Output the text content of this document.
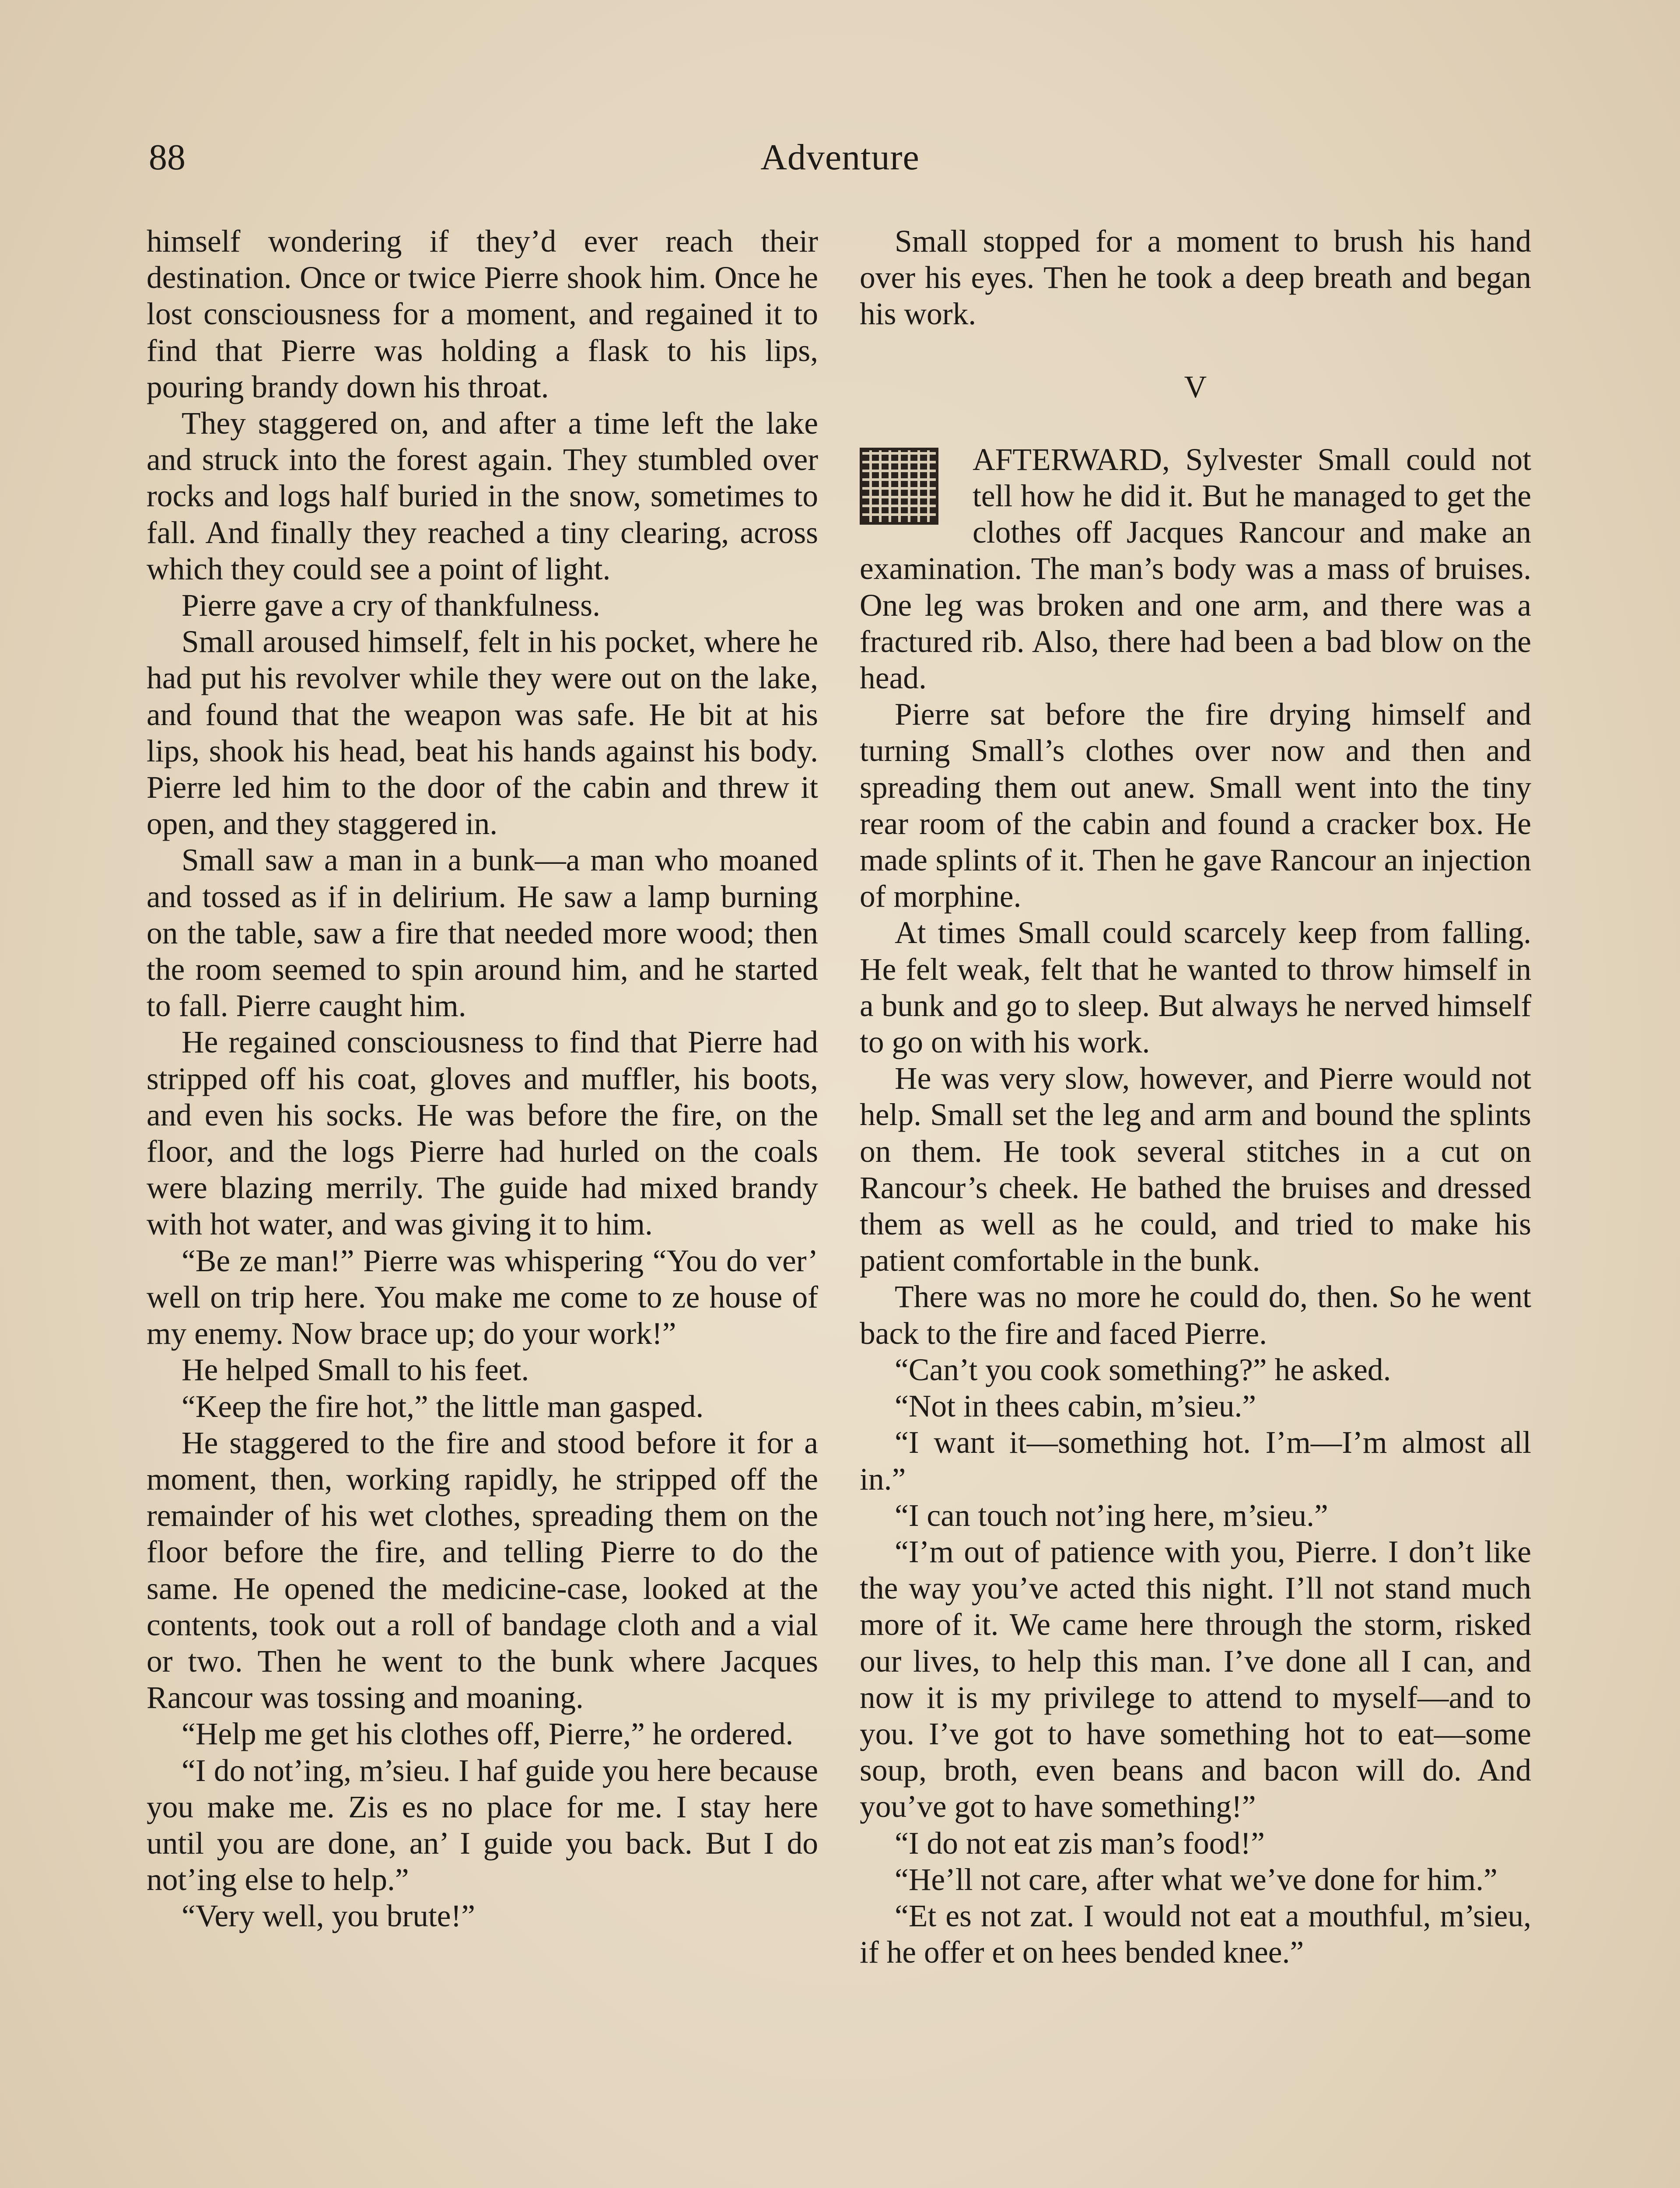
88	Adventure

himself wondering if they’d ever reach their destination. Once or twice Pierre shook him. Once he lost consciousness for a moment, and regained it to find that Pierre was holding a flask to his lips, pouring brandy down his throat.

They staggered on, and after a time left the lake and struck into the forest again. They stumbled over rocks and logs half buried in the snow, sometimes to fall. And finally they reached a tiny clearing, across which they could see a point of light.

Pierre gave a cry of thankfulness.

Small aroused himself, felt in his pocket, where he had put his revolver while they were out on the lake, and found that the weapon was safe. He bit at his lips, shook his head, beat his hands against his body. Pierre led him to the door of the cabin and threw it open, and they staggered in.

Small saw a man in a bunk—a man who moaned and tossed as if in delirium. He saw a lamp burning on the table, saw a fire that needed more wood; then the room seemed to spin around him, and he started to fall. Pierre caught him.

He regained consciousness to find that Pierre had stripped off his coat, gloves and muffler, his boots, and even his socks. He was before the fire, on the floor, and the logs Pierre had hurled on the coals were blazing merrily. The guide had mixed brandy with hot water, and was giving it to him.

“Be ze man!” Pierre was whispering “You do ver’ well on trip here. You make me come to ze house of my enemy. Now brace up; do your work!”

He helped Small to his feet.

“Keep the fire hot,” the little man gasped.

He staggered to the fire and stood before it for a moment, then, working rapidly, he stripped off the remainder of his wet clothes, spreading them on the floor before the fire, and telling Pierre to do the same. He opened the medicine-case, looked at the contents, took out a roll of bandage cloth and a vial or two. Then he went to the bunk where Jacques Rancour was tossing and moaning.

“Help me get his clothes off, Pierre,” he ordered.

“I do not’ing, m’sieu. I haf guide you here because you make me. Zis es no place for me. I stay here until you are done, an’ I guide you back. But I do not’ing else to help.”

“Very well, you brute!”

Small stopped for a moment to brush his hand over his eyes. Then he took a deep breath and began his work.

V

AFTERWARD, Sylvester Small could not tell how he did it. But he managed to get the clothes off Jacques Rancour and make an examination. The man’s body was a mass of bruises. One leg was broken and one arm, and there was a fractured rib. Also, there had been a bad blow on the head.

Pierre sat before the fire drying himself and turning Small’s clothes over now and then and spreading them out anew. Small went into the tiny rear room of the cabin and found a cracker box. He made splints of it. Then he gave Rancour an injection of morphine.

At times Small could scarcely keep from falling. He felt weak, felt that he wanted to throw himself in a bunk and go to sleep. But always he nerved himself to go on with his work.

He was very slow, however, and Pierre would not help. Small set the leg and arm and bound the splints on them. He took several stitches in a cut on Rancour’s cheek. He bathed the bruises and dressed them as well as he could, and tried to make his patient comfortable in the bunk.

There was no more he could do, then. So he went back to the fire and faced Pierre.

“Can’t you cook something?” he asked.

“Not in thees cabin, m’sieu.”

“I want it—something hot. I’m—I’m almost all in.”

“I can touch not’ing here, m’sieu.”

“I’m out of patience with you, Pierre. I don’t like the way you’ve acted this night. I’ll not stand much more of it. We came here through the storm, risked our lives, to help this man. I’ve done all I can, and now it is my privilege to attend to myself—and to you. I’ve got to have something hot to eat—some soup, broth, even beans and bacon will do. And you’ve got to have something!”

“I do not eat zis man’s food!”

“He’ll not care, after what we’ve done for him.”

“Et es not zat. I would not eat a mouthful, m’sieu, if he offer et on hees bended knee.”
